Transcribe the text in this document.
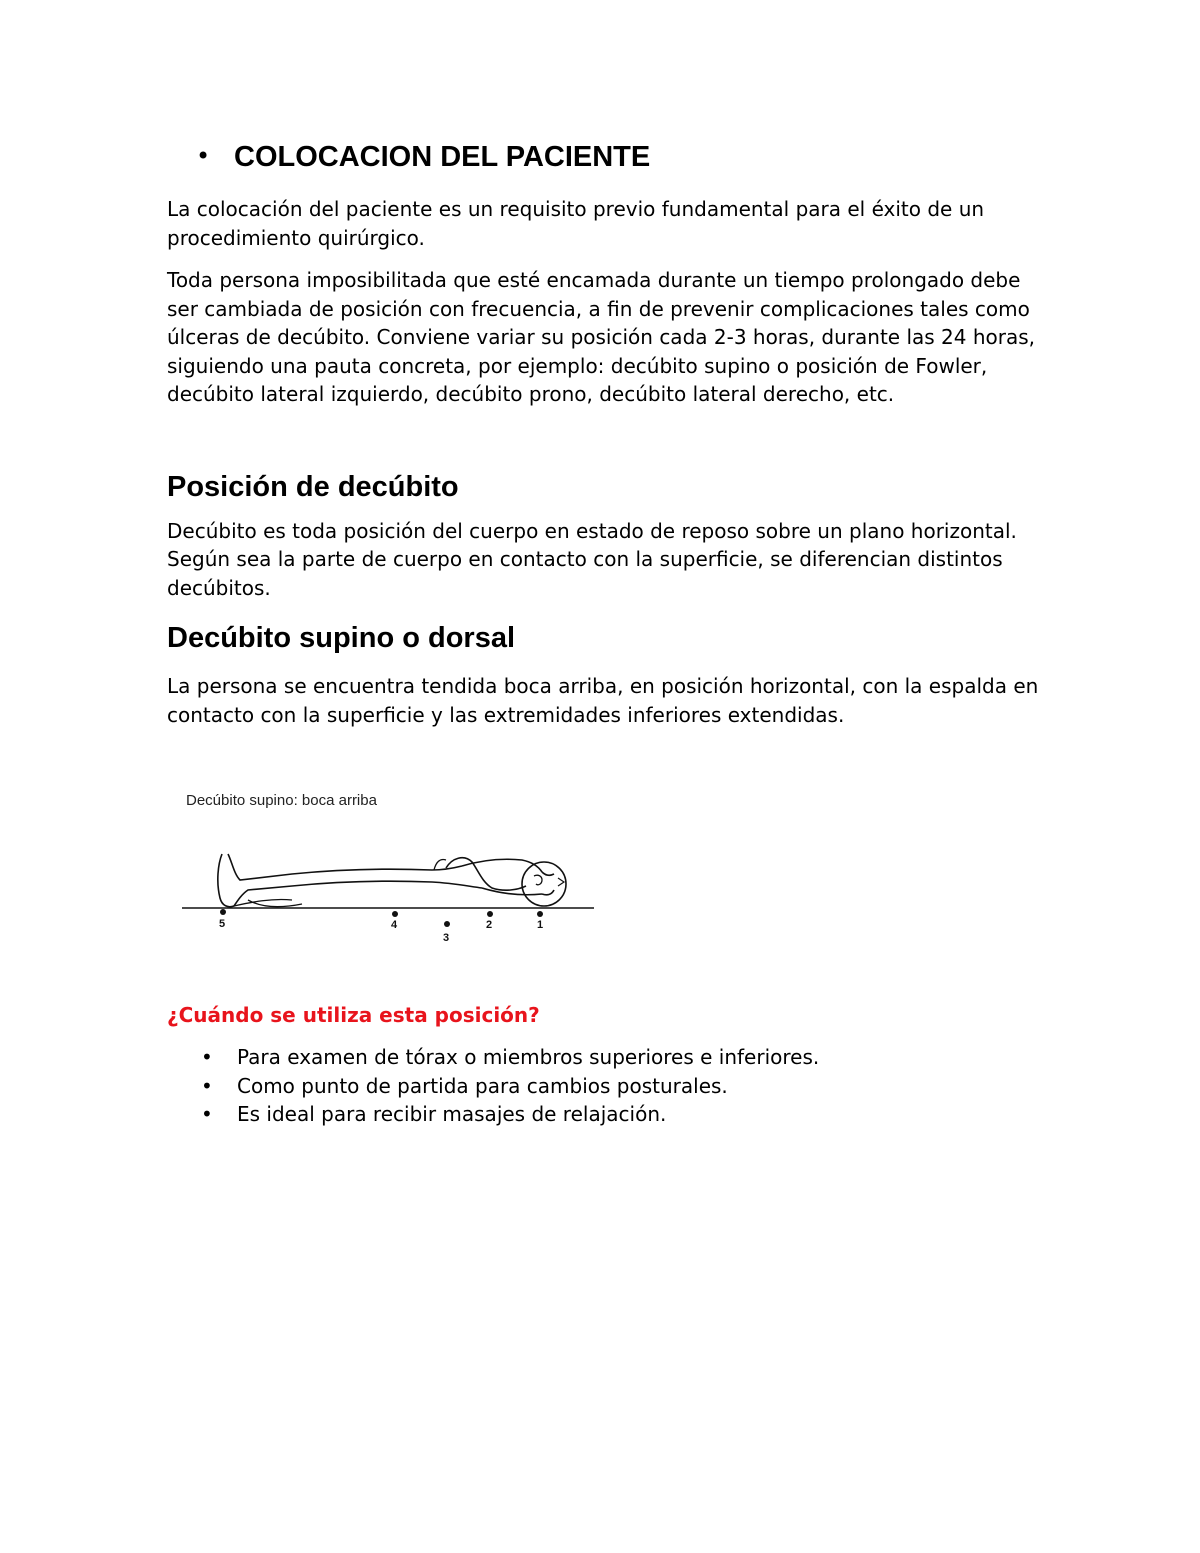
• COLOCACION DEL PACIENTE

La colocación del paciente es un requisito previo fundamental para el éxito de un procedimiento quirúrgico.

Toda persona imposibilitada que esté encamada durante un tiempo prolongado debe ser cambiada de posición con frecuencia, a fin de prevenir complicaciones tales como úlceras de decúbito. Conviene variar su posición cada 2-3 horas, durante las 24 horas, siguiendo una pauta concreta, por ejemplo: decúbito supino o posición de Fowler, decúbito lateral izquierdo, decúbito prono, decúbito lateral derecho, etc.

Posición de decúbito

Decúbito es toda posición del cuerpo en estado de reposo sobre un plano horizontal. Según sea la parte de cuerpo en contacto con la superficie, se diferencian distintos decúbitos.

Decúbito supino o dorsal

La persona se encuentra tendida boca arriba, en posición horizontal, con la espalda en contacto con la superficie y las extremidades inferiores extendidas.

¿Cuándo se utiliza esta posición?

• Para examen de tórax o miembros superiores e inferiores.
• Como punto de partida para cambios posturales.
• Es ideal para recibir masajes de relajación.
Decúbito supino: boca arriba
5	4
3
2	1
